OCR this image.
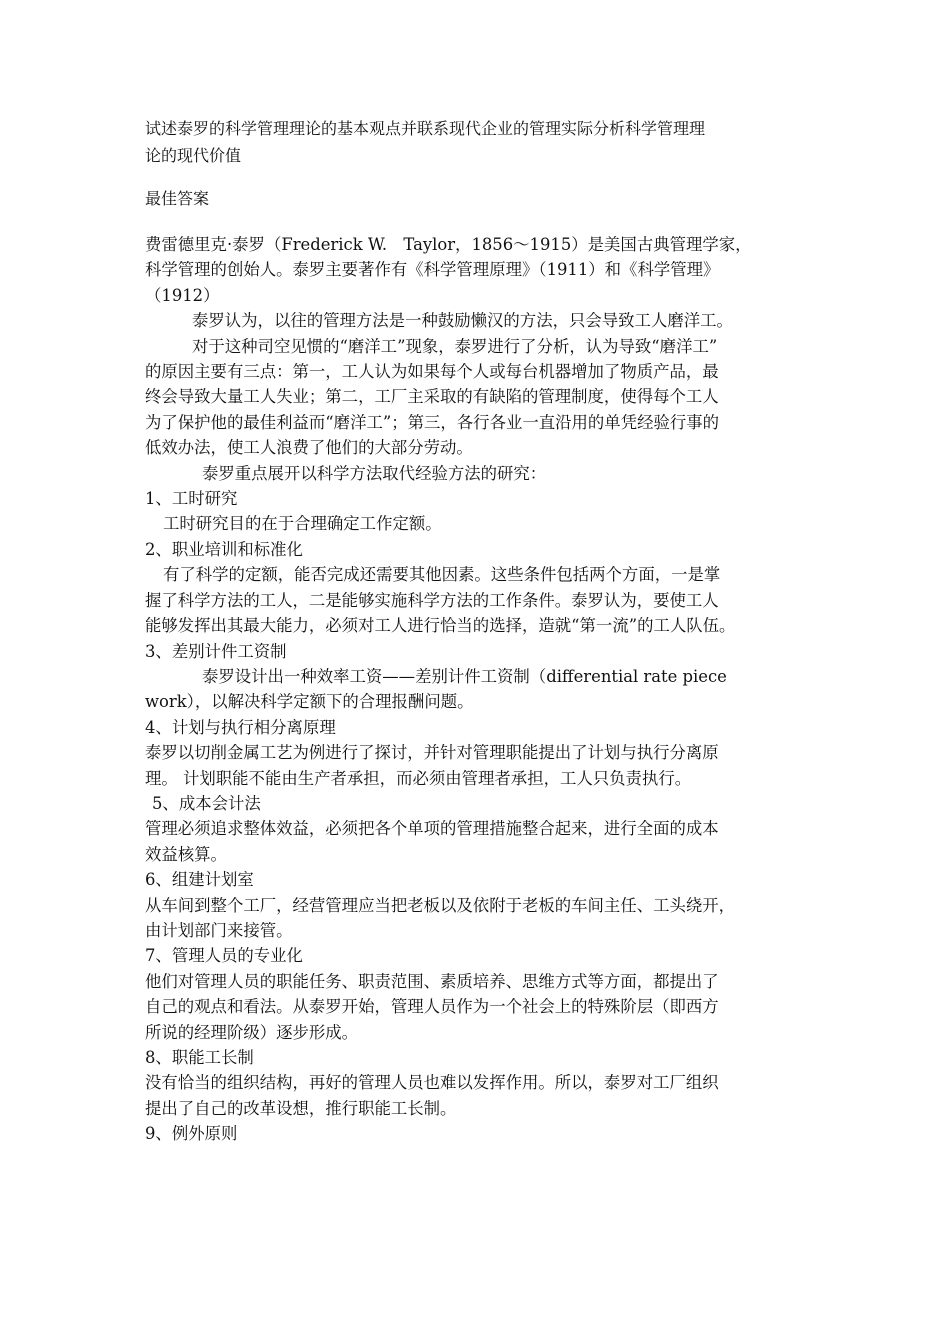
试述泰罗的科学管理理论的基本观点并联系现代企业的管理实际分析科学管理理
论的现代价值
最佳答案
费雷德里克·泰罗（Frederick W.　Taylor，1856～1915）是美国古典管理学家，
科学管理的创始人。泰罗主要著作有《科学管理原理》（1911）和《科学管理》
（1912）
泰罗认为，以往的管理方法是一种鼓励懒汉的方法，只会导致工人磨洋工。
对于这种司空见惯的“磨洋工”现象，泰罗进行了分析，认为导致“磨洋工”
的原因主要有三点：第一，工人认为如果每个人或每台机器增加了物质产品，最
终会导致大量工人失业；第二，工厂主采取的有缺陷的管理制度，使得每个工人
为了保护他的最佳利益而“磨洋工”；第三，各行各业一直沿用的单凭经验行事的
低效办法，使工人浪费了他们的大部分劳动。
泰罗重点展开以科学方法取代经验方法的研究：
1、工时研究
工时研究目的在于合理确定工作定额。
2、职业培训和标准化
有了科学的定额，能否完成还需要其他因素。这些条件包括两个方面，一是掌
握了科学方法的工人，二是能够实施科学方法的工作条件。泰罗认为，要使工人
能够发挥出其最大能力，必须对工人进行恰当的选择，造就“第一流”的工人队伍。
3、差别计件工资制
泰罗设计出一种效率工资——差别计件工资制（differential rate piece
work），以解决科学定额下的合理报酬问题。
4、计划与执行相分离原理
泰罗以切削金属工艺为例进行了探讨，并针对管理职能提出了计划与执行分离原
理。 计划职能不能由生产者承担，而必须由管理者承担，工人只负责执行。
5、成本会计法
管理必须追求整体效益，必须把各个单项的管理措施整合起来，进行全面的成本
效益核算。
6、组建计划室
从车间到整个工厂，经营管理应当把老板以及依附于老板的车间主任、工头绕开，
由计划部门来接管。
7、管理人员的专业化
他们对管理人员的职能任务、职责范围、素质培养、思维方式等方面，都提出了
自己的观点和看法。从泰罗开始，管理人员作为一个社会上的特殊阶层（即西方
所说的经理阶级）逐步形成。
8、职能工长制
没有恰当的组织结构，再好的管理人员也难以发挥作用。所以，泰罗对工厂组织
提出了自己的改革设想，推行职能工长制。
9、例外原则
